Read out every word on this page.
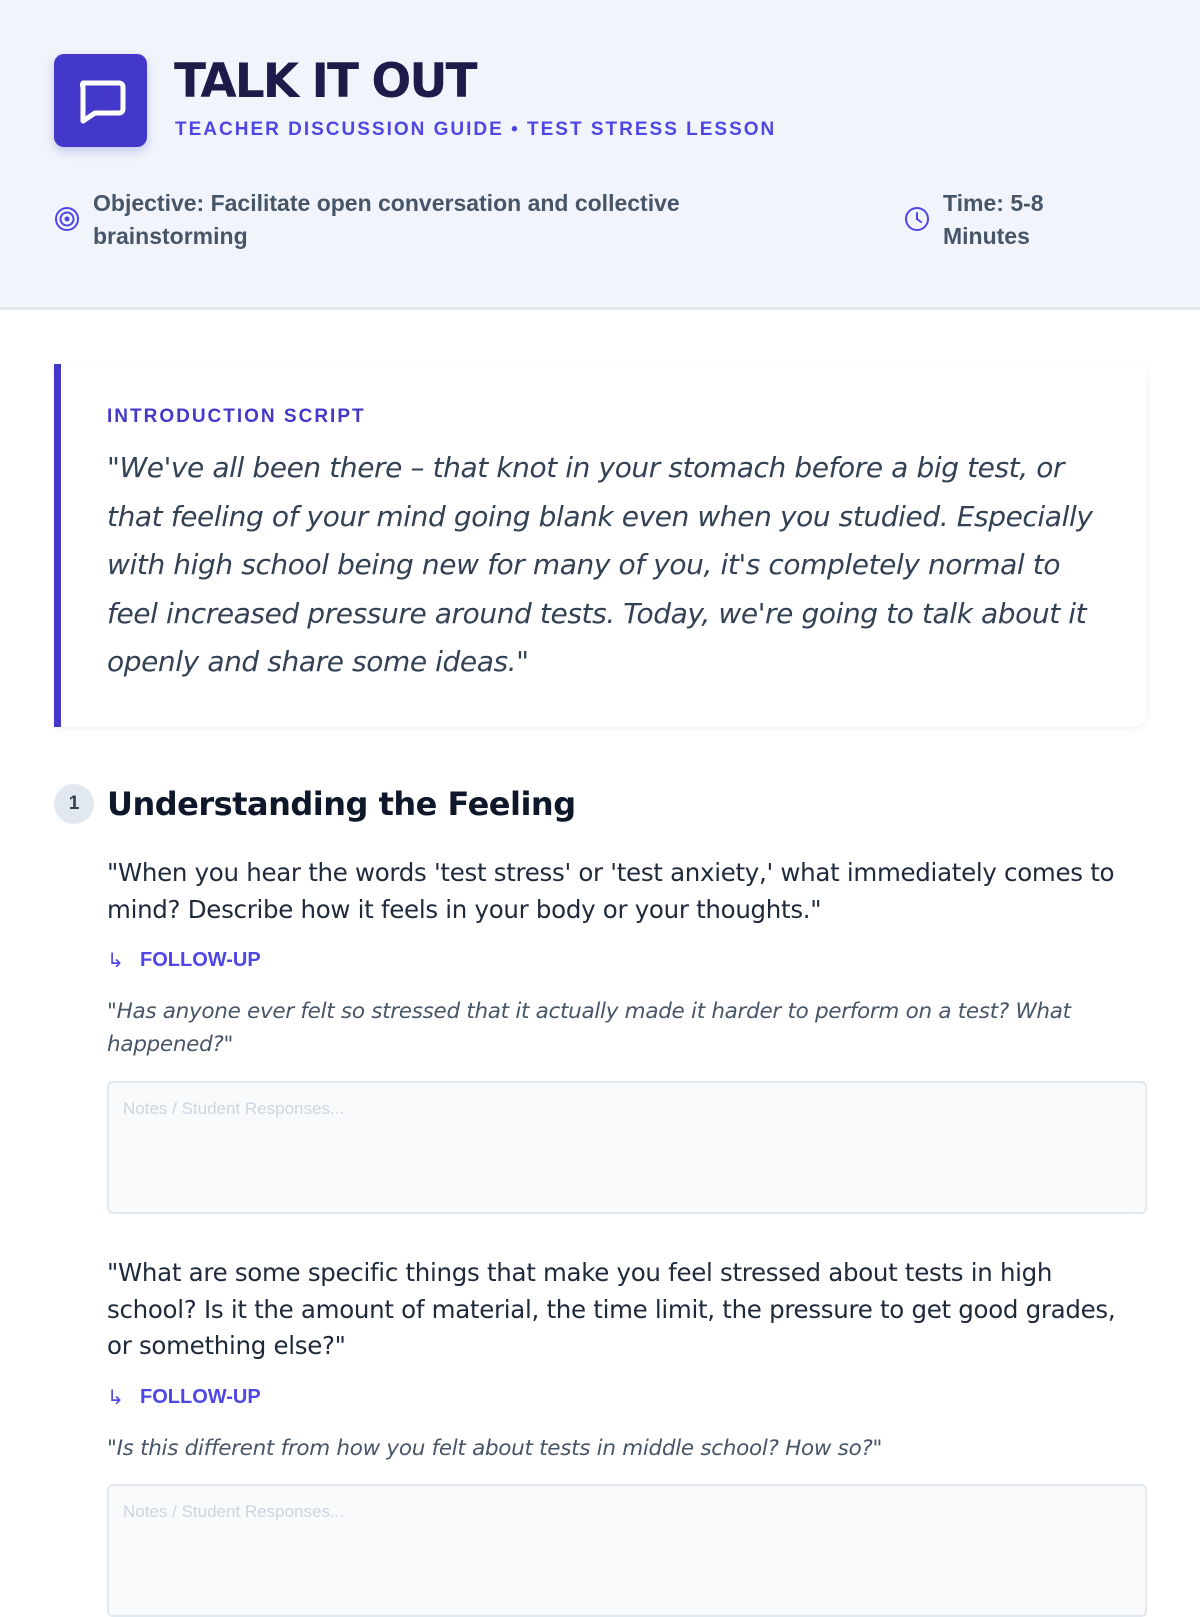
TALK IT OUT
TEACHER DISCUSSION GUIDE • TEST STRESS LESSON
Objective: Facilitate open conversation and collective brainstorming
Time: 5-8 Minutes
INTRODUCTION SCRIPT
"We've all been there – that knot in your stomach before a big test, or that feeling of your mind going blank even when you studied. Especially with high school being new for many of you, it's completely normal to feel increased pressure around tests. Today, we're going to talk about it openly and share some ideas."
1 Understanding the Feeling
"When you hear the words 'test stress' or 'test anxiety,' what immediately comes to mind? Describe how it feels in your body or your thoughts."
↳ FOLLOW-UP
"Has anyone ever felt so stressed that it actually made it harder to perform on a test? What happened?"
Notes / Student Responses...
"What are some specific things that make you feel stressed about tests in high school? Is it the amount of material, the time limit, the pressure to get good grades, or something else?"
↳ FOLLOW-UP
"Is this different from how you felt about tests in middle school? How so?"
Notes / Student Responses...
